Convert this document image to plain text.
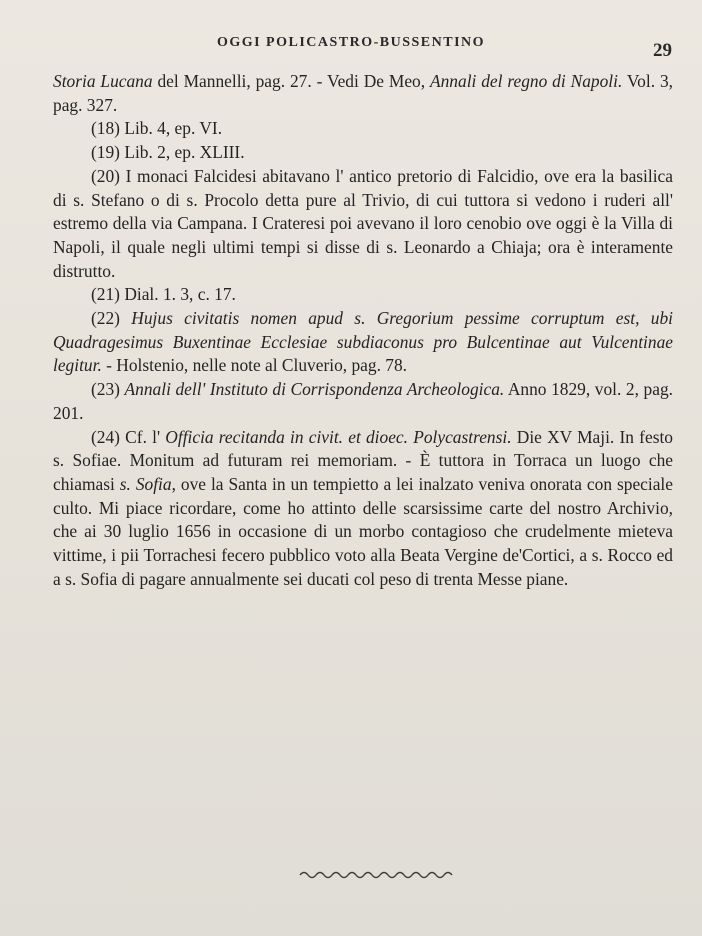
OGGI POLICASTRO-BUSSENTINO	29

Storia Lucana del Mannelli, pag. 27. - Vedi De Meo, Annali del regno di Napoli. Vol. 3, pag. 327.

(18) Lib. 4, ep. VI.

(19) Lib. 2, ep. XLIII.

(20) I monaci Falcidesi abitavano l' antico pretorio di Falcidio, ove era la basilica di s. Stefano o di s. Procolo detta pure al Trivio, di cui tuttora si vedono i ruderi all' estremo della via Campana. I Crateresi poi avevano il loro cenobio ove oggi è la Villa di Napoli, il quale negli ultimi tempi si disse di s. Leonardo a Chiaja; ora è interamente distrutto.

(21) Dial. 1. 3, c. 17.

(22) Hujus civitatis nomen apud s. Gregorium pessime corruptum est, ubi Quadragesimus Buxentinae Ecclesiae subdiaconus pro Bulcentinae aut Vulcentinae legitur. - Holstenio, nelle note al Cluverio, pag. 78.

(23) Annali dell' Instituto di Corrispondenza Archeologica. Anno 1829, vol. 2, pag. 201.

(24) Cf. l' Officia recitanda in civit. et dioec. Polycastrensi. Die XV Maji. In festo s. Sofiae. Monitum ad futuram rei memoriam. - È tuttora in Torraca un luogo che chiamasi s. Sofia, ove la Santa in un tempietto a lei inalzato veniva onorata con speciale culto. Mi piace ricordare, come ho attinto delle scarsissime carte del nostro Archivio, che ai 30 luglio 1656 in occasione di un morbo contagioso che crudelmente mieteva vittime, i pii Torrachesi fecero pubblico voto alla Beata Vergine de'Cortici, a s. Rocco ed a s. Sofia di pagare annualmente sei ducati col peso di trenta Messe piane.
